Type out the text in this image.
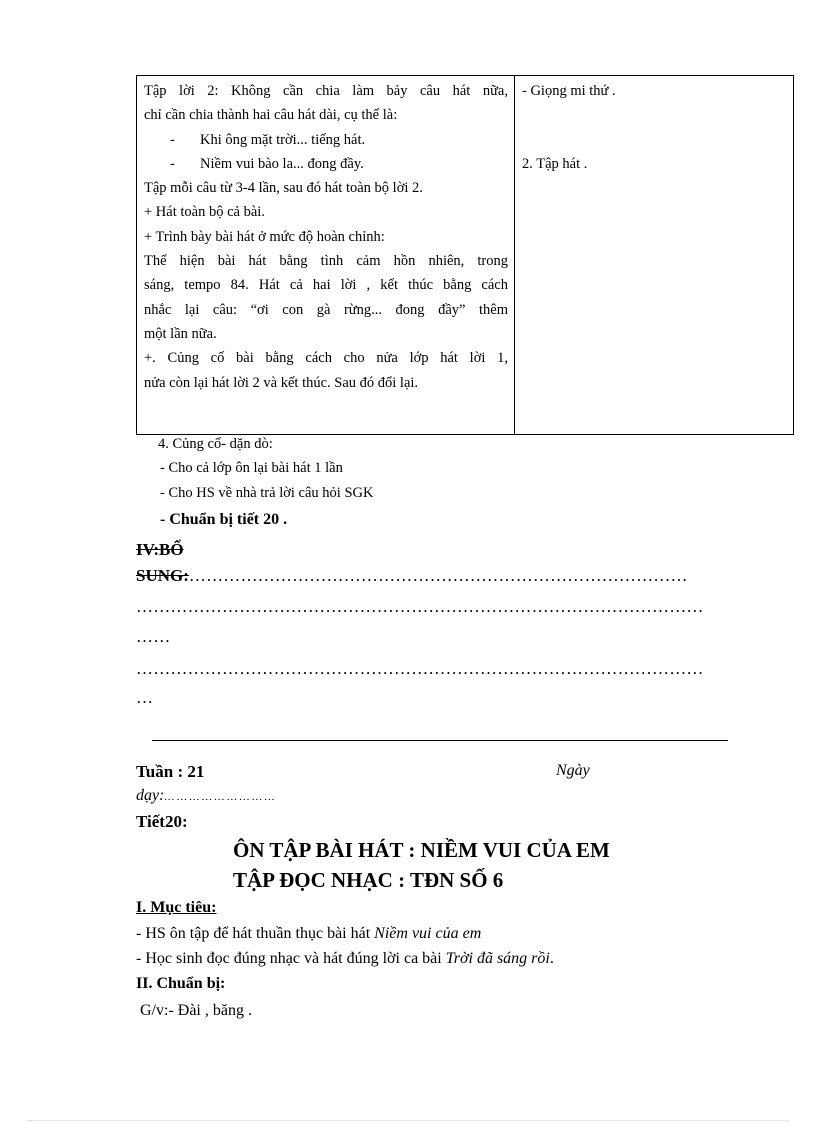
Tập lời 2: Không cần chia làm bảy câu hát nữa,

chỉ cần chia thành hai câu hát dài, cụ thể là:

- Khi ông mặt trời... tiếng hát.

- Niềm vui bào la... đong đầy.

Tập mỗi câu từ 3-4 lần, sau đó hát toàn bộ lời 2.

+ Hát toàn bộ cả bài.

+ Trình bày bài hát ở mức độ hoàn chỉnh:

Thể hiện bài hát bằng tình cảm hồn nhiên, trong

sáng, tempo 84. Hát cả hai lời , kết thúc bằng cách

nhắc lại câu: “ơi con gà rừng... đong đầy” thêm

một lần nữa.

+. Củng cố bài bằng cách cho nửa lớp hát lời 1,

nửa còn lại hát lời 2 và kết thúc. Sau đó đổi lại.

- Giọng mi thứ .

2. Tập hát .

4. Củng cố- dặn dò:
- Cho cả lớp ôn lại bài hát 1 lần
- Cho HS về nhà trả lời câu hỏi SGK
- Chuẩn bị tiết 20 .
IV:BỔ
SUNG:……………………………………………………………………………
………………………………………………………………………………………
……
………………………………………………………………………………………
…
Tuần : 21	Ngày
dạy:… … … … … … … … …
Tiết20:
ÔN TẬP BÀI HÁT : NIỀM VUI CỦA EM
TẬP ĐỌC NHẠC : TĐN SỐ 6
I. Mục tiêu:
- HS ôn tập để hát thuần thục bài hát Niềm vui của em
- Học sinh đọc đúng nhạc và hát đúng lời ca bài Trời đã sáng rồi.
II. Chuẩn bị:
G/v:- Đài , băng .
